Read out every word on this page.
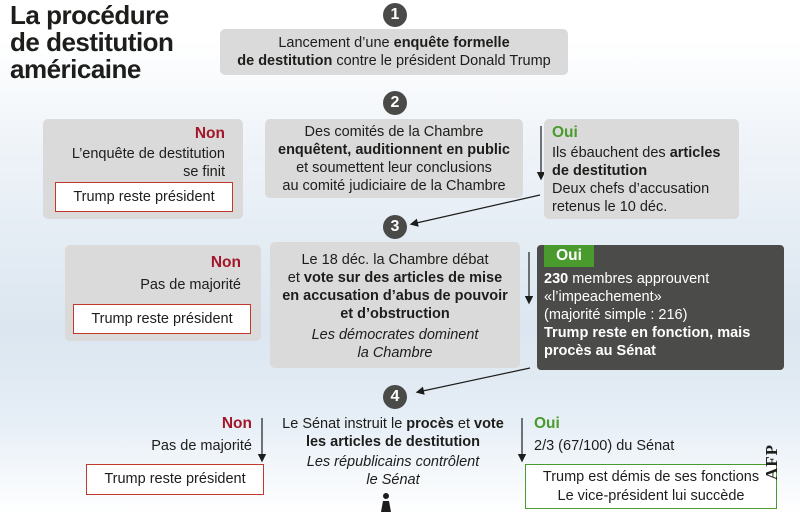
La procédure
de destitution
américaine
1
2
3
4
Lancement d’une enquête formelle
de destitution contre le président Donald Trump
Non
L’enquête de destitution
se finit
Trump reste président
Des comités de la Chambre
enquêtent, auditionnent en public
et soumettent leur conclusions
au comité judiciaire de la Chambre
Oui
Ils ébauchent des articles
de destitution
Deux chefs d’accusation
retenus le 10 déc.
Non
Pas de majorité
Trump reste président
Le 18 déc. la Chambre débat
et vote sur des articles de mise
en accusation d’abus de pouvoir
et d’obstruction
Les démocrates dominent
la Chambre
Oui
230 membres approuvent
«l’impeachement»
(majorité simple : 216)
Trump reste en fonction, mais
procès au Sénat
Non
Pas de majorité
Trump reste président
Le Sénat instruit le procès et vote
les articles de destitution
Les républicains contrôlent
le Sénat
Oui
2/3 (67/100) du Sénat
Trump est démis de ses fonctions
Le vice-président lui succède
AFP
